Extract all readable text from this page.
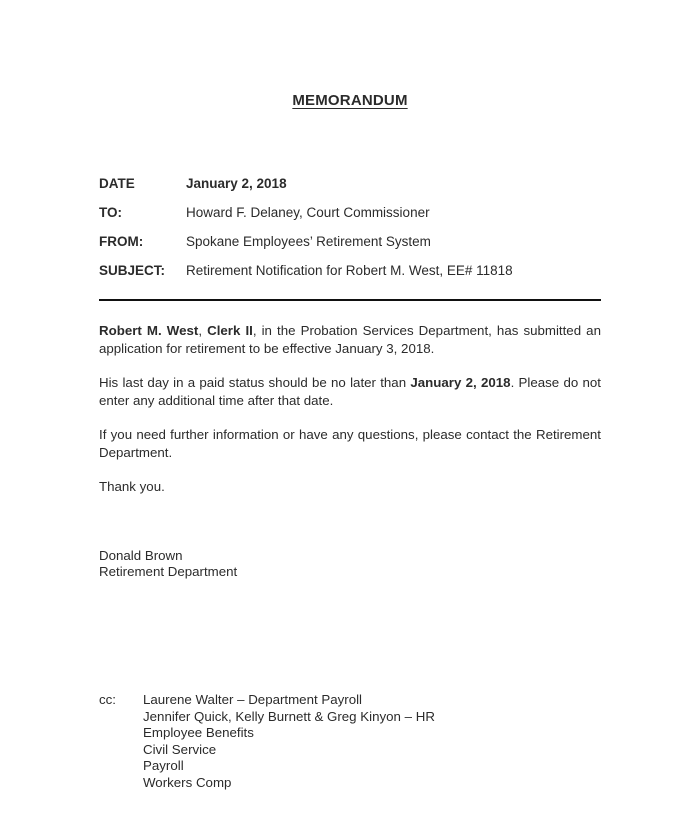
MEMORANDUM
DATE	January 2, 2018
TO:	Howard F. Delaney, Court Commissioner
FROM:	Spokane Employees’ Retirement System
SUBJECT:	Retirement Notification for Robert M. West, EE# 11818

Robert M. West, Clerk II, in the Probation Services Department, has submitted an application for retirement to be effective January 3, 2018.

His last day in a paid status should be no later than January 2, 2018. Please do not enter any additional time after that date.

If you need further information or have any questions, please contact the Retirement Department.

Thank you.

Donald Brown
Retirement Department
cc:	Laurene Walter – Department Payroll
Jennifer Quick, Kelly Burnett & Greg Kinyon – HR
Employee Benefits
Civil Service
Payroll
Workers Comp
